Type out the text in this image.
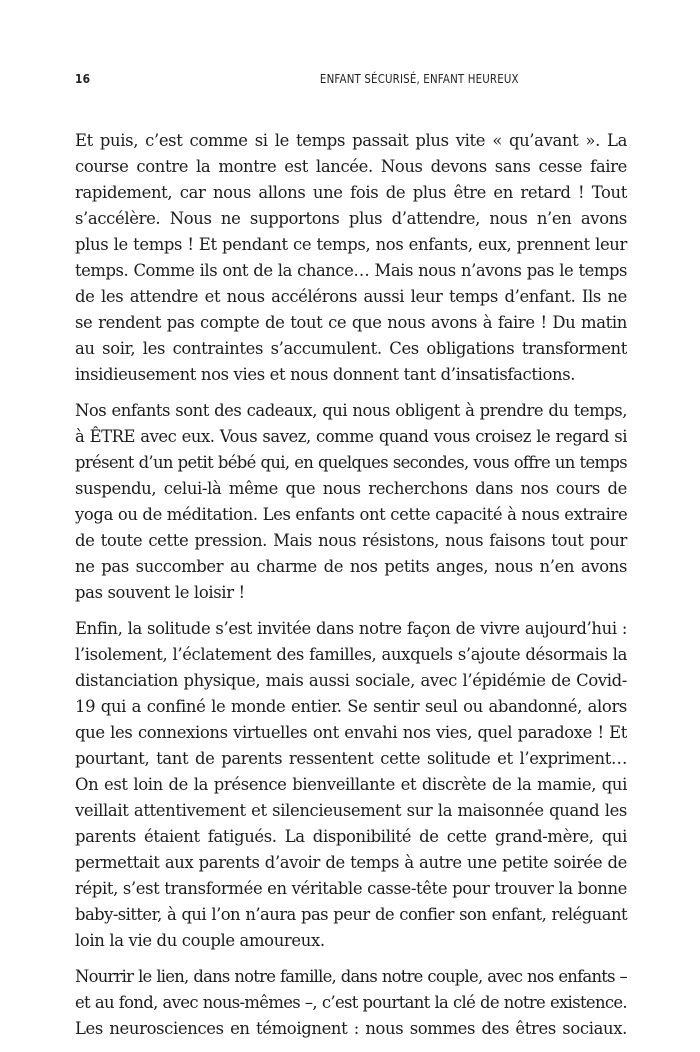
16	ENFANT SÉCURISÉ, ENFANT HEUREUX

Et puis, c’est comme si le temps passait plus vite « qu’avant ». La
course contre la montre est lancée. Nous devons sans cesse faire
rapidement, car nous allons une fois de plus être en retard ! Tout
s’accélère. Nous ne supportons plus d’attendre, nous n’en avons
plus le temps ! Et pendant ce temps, nos enfants, eux, prennent leur
temps. Comme ils ont de la chance… Mais nous n’avons pas le temps
de les attendre et nous accélérons aussi leur temps d’enfant. Ils ne
se rendent pas compte de tout ce que nous avons à faire ! Du matin
au soir, les contraintes s’accumulent. Ces obligations transforment
insidieusement nos vies et nous donnent tant d’insatisfactions.

Nos enfants sont des cadeaux, qui nous obligent à prendre du temps,
à ÊTRE avec eux. Vous savez, comme quand vous croisez le regard si
présent d’un petit bébé qui, en quelques secondes, vous offre un temps
suspendu, celui-là même que nous recherchons dans nos cours de
yoga ou de méditation. Les enfants ont cette capacité à nous extraire
de toute cette pression. Mais nous résistons, nous faisons tout pour
ne pas succomber au charme de nos petits anges, nous n’en avons
pas souvent le loisir !

Enfin, la solitude s’est invitée dans notre façon de vivre aujourd’hui :
l’isolement, l’éclatement des familles, auxquels s’ajoute désormais la
distanciation physique, mais aussi sociale, avec l’épidémie de Covid-
19 qui a confiné le monde entier. Se sentir seul ou abandonné, alors
que les connexions virtuelles ont envahi nos vies, quel paradoxe ! Et
pourtant, tant de parents ressentent cette solitude et l’expriment…
On est loin de la présence bienveillante et discrète de la mamie, qui
veillait attentivement et silencieusement sur la maisonnée quand les
parents étaient fatigués. La disponibilité de cette grand-mère, qui
permettait aux parents d’avoir de temps à autre une petite soirée de
répit, s’est transformée en véritable casse-tête pour trouver la bonne
baby-sitter, à qui l’on n’aura pas peur de confier son enfant, reléguant
loin la vie du couple amoureux.

Nourrir le lien, dans notre famille, dans notre couple, avec nos enfants –
et au fond, avec nous-mêmes –, c’est pourtant la clé de notre existence.
Les neurosciences en témoignent : nous sommes des êtres sociaux.
